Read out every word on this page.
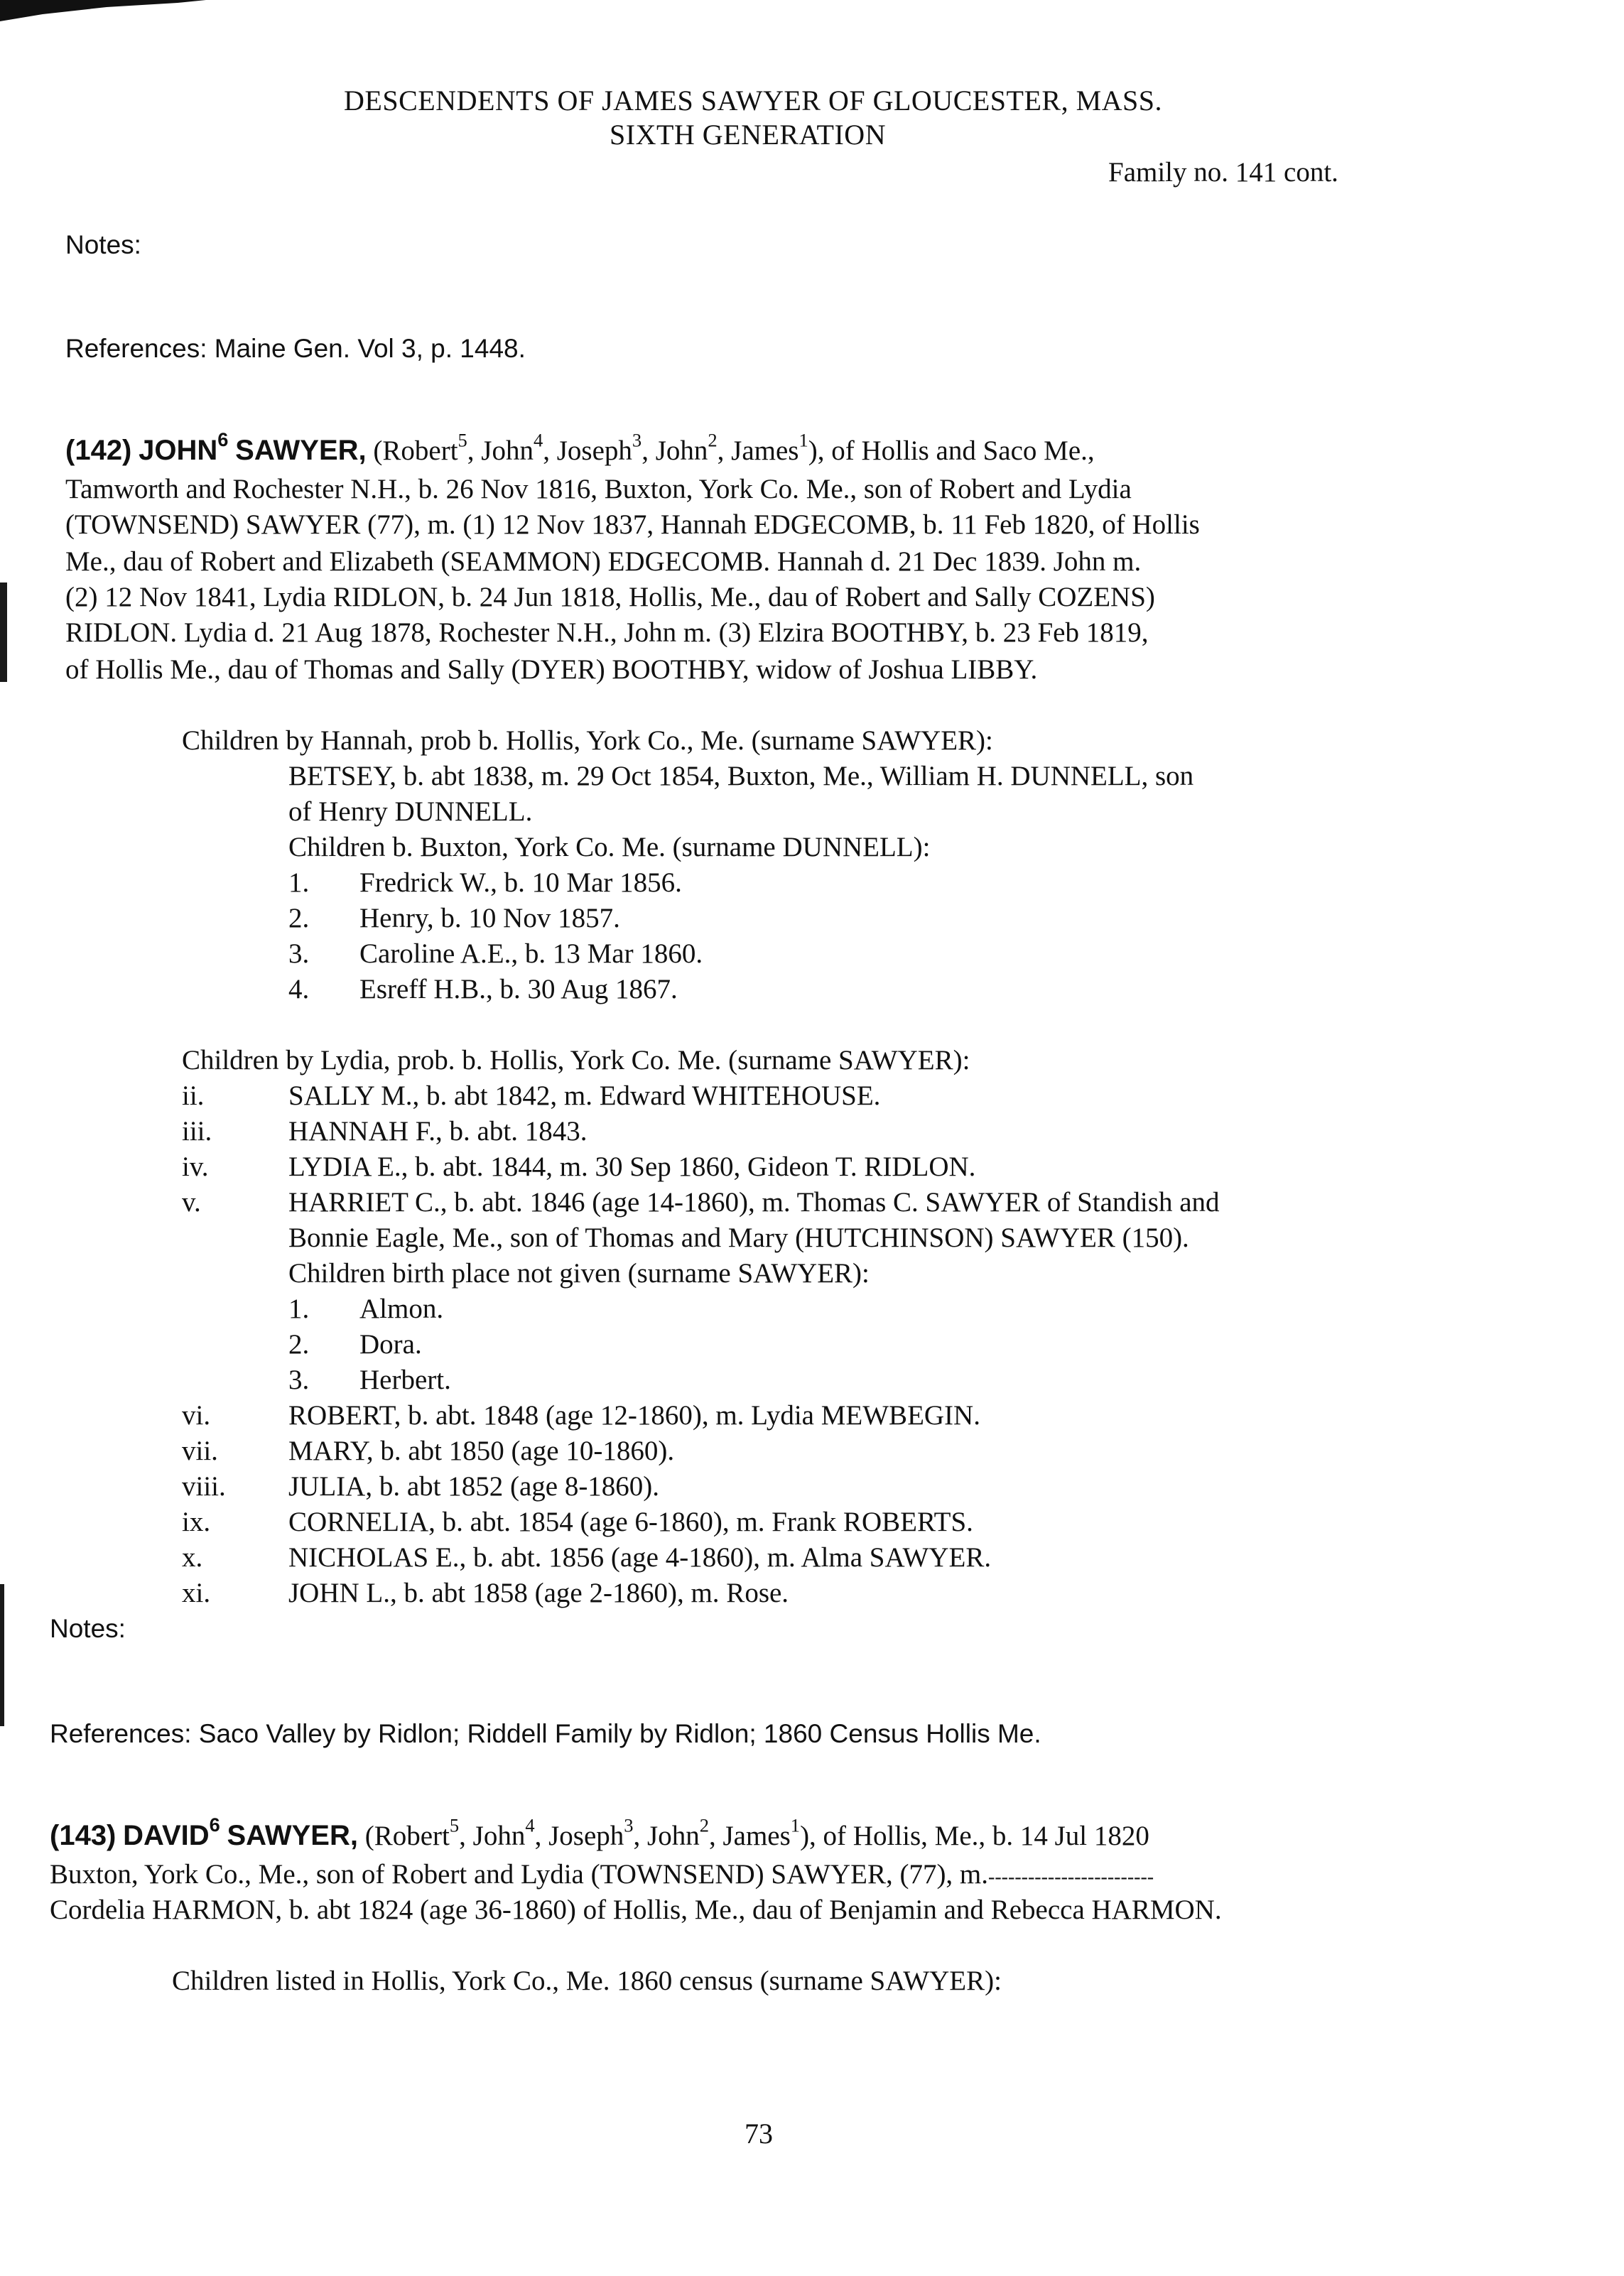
DESCENDENTS OF JAMES SAWYER OF GLOUCESTER, MASS.
SIXTH GENERATION
Family no. 141 cont.
Notes:
References: Maine Gen. Vol 3, p. 1448.
(142) JOHN$^6$ SAWYER, (Robert$^5$, John$^4$, Joseph$^3$, John$^2$, James$^1$), of Hollis and Saco Me.,
Tamworth and Rochester N.H., b. 26 Nov 1816, Buxton, York Co. Me., son of Robert and Lydia
(TOWNSEND) SAWYER (77), m. (1) 12 Nov 1837, Hannah EDGECOMB, b. 11 Feb 1820, of Hollis
Me., dau of Robert and Elizabeth (SEAMMON) EDGECOMB. Hannah d. 21 Dec 1839. John m.
(2) 12 Nov 1841, Lydia RIDLON, b. 24 Jun 1818, Hollis, Me., dau of Robert and Sally COZENS)
RIDLON. Lydia d. 21 Aug 1878, Rochester N.H., John m. (3) Elzira BOOTHBY, b. 23 Feb 1819,
of Hollis Me., dau of Thomas and Sally (DYER) BOOTHBY, widow of Joshua LIBBY.
Children by Hannah, prob b. Hollis, York Co., Me. (surname SAWYER):
BETSEY, b. abt 1838, m. 29 Oct 1854, Buxton, Me., William H. DUNNELL, son
of Henry DUNNELL.
Children b. Buxton, York Co. Me. (surname DUNNELL):
1. Fredrick W., b. 10 Mar 1856.
2. Henry, b. 10 Nov 1857.
3. Caroline A.E., b. 13 Mar 1860.
4. Esreff H.B., b. 30 Aug 1867.
Children by Lydia, prob. b. Hollis, York Co. Me. (surname SAWYER):
ii.	SALLY M., b. abt 1842, m. Edward WHITEHOUSE.
iii.	HANNAH F., b. abt. 1843.
iv.	LYDIA E., b. abt. 1844, m. 30 Sep 1860, Gideon T. RIDLON.
v.	HARRIET C., b. abt. 1846 (age 14-1860), m. Thomas C. SAWYER of Standish and
Bonnie Eagle, Me., son of Thomas and Mary (HUTCHINSON) SAWYER (150).
Children birth place not given (surname SAWYER):
1. Almon.
2. Dora.
3. Herbert.
vi.	ROBERT, b. abt. 1848 (age 12-1860), m. Lydia MEWBEGIN.
vii.	MARY, b. abt 1850 (age 10-1860).
viii. JULIA, b. abt 1852 (age 8-1860).
ix.	CORNELIA, b. abt. 1854 (age 6-1860), m. Frank ROBERTS.
x.	NICHOLAS E., b. abt. 1856 (age 4-1860), m. Alma SAWYER.
xi.	JOHN L., b. abt 1858 (age 2-1860), m. Rose.
Notes:
References: Saco Valley by Ridlon; Riddell Family by Ridlon; 1860 Census Hollis Me.
(143) DAVID$^6$ SAWYER, (Robert$^5$, John$^4$, Joseph$^3$, John$^2$, James$^1$), of Hollis, Me., b. 14 Jul 1820
Buxton, York Co., Me., son of Robert and Lydia (TOWNSEND) SAWYER, (77), m.-------------------------
Cordelia HARMON, b. abt 1824 (age 36-1860) of Hollis, Me., dau of Benjamin and Rebecca HARMON.
Children listed in Hollis, York Co., Me. 1860 census (surname SAWYER):
73
